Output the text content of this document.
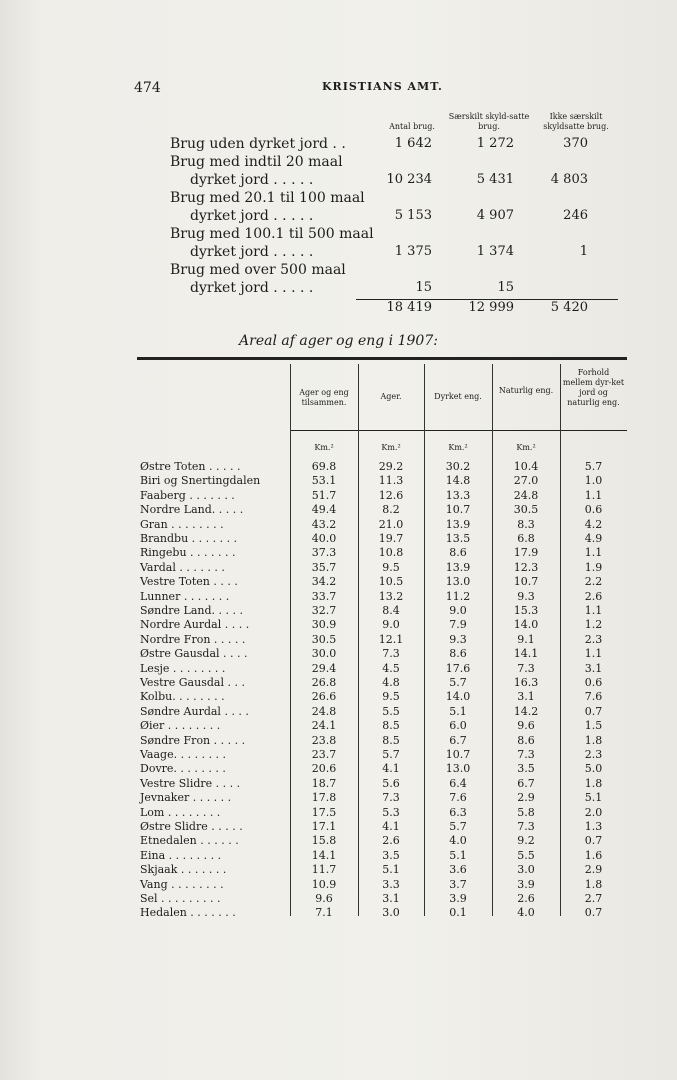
474	KRISTIANS AMT.
Antal brug.
Særskilt skyld-satte brug.
Ikke særskilt skyldsatte brug.
Brug uden dyrket jord . .	1 642	1 272	370
Brug med indtil 20 maal
dyrket jord . . . . .	10 234	5 431	4 803
Brug med 20.1 til 100 maal
dyrket jord . . . . .	5 153	4 907	246
Brug med 100.1 til 500 maal
dyrket jord . . . . .	1 375	1 374	1
Brug med over 500 maal
dyrket jord . . . . .	15	15
18 419	12 999	5 420
Areal af ager og eng i 1907:
Ager og eng tilsammen.
Ager.	Dyrket eng.
Naturlig eng.
Forhold mellem dyr-ket jord og naturlig eng.
Km.²	Km.²	Km.²	Km.²
Østre Toten . . . . .	69.8	29.2	30.2	10.4	5.7
Biri og Snertingdalen	53.1	11.3	14.8	27.0	1.0
Faaberg . . . . . . .	51.7	12.6	13.3	24.8	1.1
Nordre Land. . . . .	49.4	8.2	10.7	30.5	0.6
Gran . . . . . . . .	43.2	21.0	13.9	8.3	4.2
Brandbu . . . . . . .	40.0	19.7	13.5	6.8	4.9
Ringebu . . . . . . .	37.3	10.8	8.6	17.9	1.1
Vardal . . . . . . .	35.7	9.5	13.9	12.3	1.9
Vestre Toten . . . .	34.2	10.5	13.0	10.7	2.2
Lunner . . . . . . .	33.7	13.2	11.2	9.3	2.6
Søndre Land. . . . .	32.7	8.4	9.0	15.3	1.1
Nordre Aurdal . . . .	30.9	9.0	7.9	14.0	1.2
Nordre Fron . . . . .	30.5	12.1	9.3	9.1	2.3
Østre Gausdal . . . .	30.0	7.3	8.6	14.1	1.1
Lesje . . . . . . . .	29.4	4.5	17.6	7.3	3.1
Vestre Gausdal . . .	26.8	4.8	5.7	16.3	0.6
Kolbu. . . . . . . .	26.6	9.5	14.0	3.1	7.6
Søndre Aurdal . . . .	24.8	5.5	5.1	14.2	0.7
Øier . . . . . . . .	24.1	8.5	6.0	9.6	1.5
Søndre Fron . . . . .	23.8	8.5	6.7	8.6	1.8
Vaage. . . . . . . .	23.7	5.7	10.7	7.3	2.3
Dovre. . . . . . . .	20.6	4.1	13.0	3.5	5.0
Vestre Slidre . . . .	18.7	5.6	6.4	6.7	1.8
Jevnaker . . . . . .	17.8	7.3	7.6	2.9	5.1
Lom . . . . . . . .	17.5	5.3	6.3	5.8	2.0
Østre Slidre . . . . .	17.1	4.1	5.7	7.3	1.3
Etnedalen . . . . . .	15.8	2.6	4.0	9.2	0.7
Eina . . . . . . . .	14.1	3.5	5.1	5.5	1.6
Skjaak . . . . . . .	11.7	5.1	3.6	3.0	2.9
Vang . . . . . . . .	10.9	3.3	3.7	3.9	1.8
Sel . . . . . . . . .	9.6	3.1	3.9	2.6	2.7
Hedalen . . . . . . .	7.1	3.0	0.1	4.0	0.7
